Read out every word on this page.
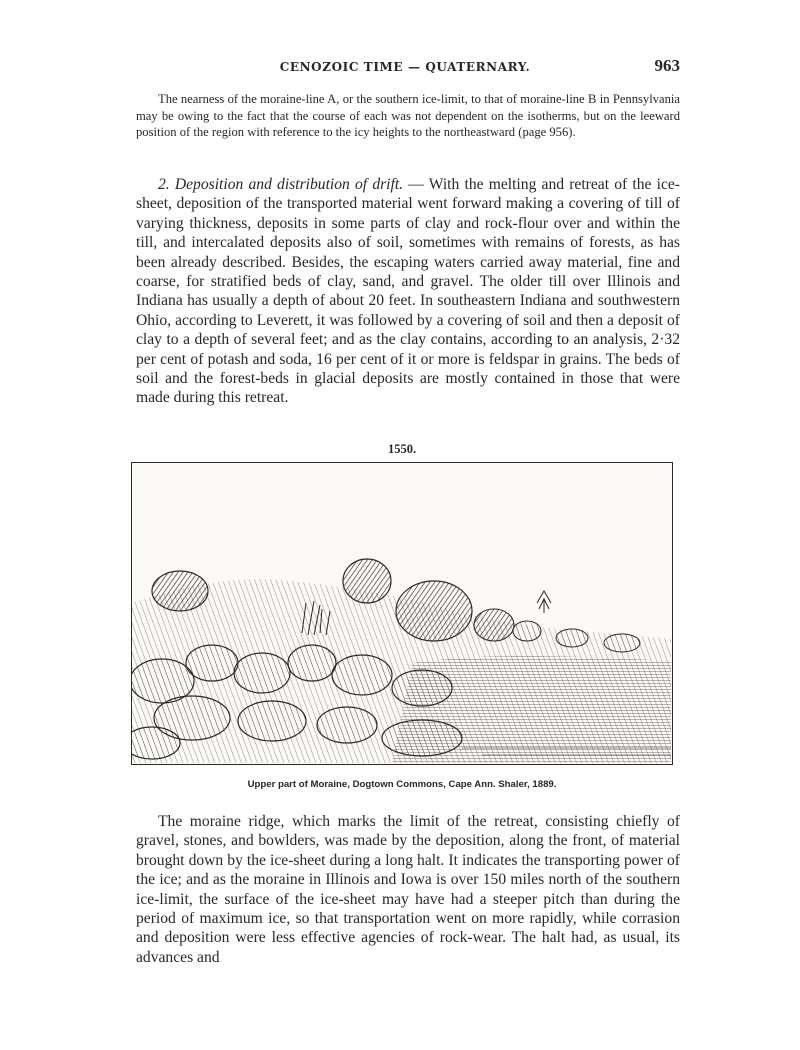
CENOZOIC TIME — QUATERNARY.	963

The nearness of the moraine-line A, or the southern ice-limit, to that of moraine-line B in Pennsylvania may be owing to the fact that the course of each was not dependent on the isotherms, but on the leeward position of the region with reference to the icy heights to the northeastward (page 956).

2. Deposition and distribution of drift. — With the melting and retreat of the ice-sheet, deposition of the transported material went forward making a covering of till of varying thickness, deposits in some parts of clay and rock-flour over and within the till, and intercalated deposits also of soil, sometimes with remains of forests, as has been already described. Besides, the escaping waters carried away material, fine and coarse, for stratified beds of clay, sand, and gravel. The older till over Illinois and Indiana has usually a depth of about 20 feet. In southeastern Indiana and southwestern Ohio, according to Leverett, it was followed by a covering of soil and then a deposit of clay to a depth of several feet; and as the clay contains, according to an analysis, 2·32 per cent of potash and soda, 16 per cent of it or more is feldspar in grains. The beds of soil and the forest-beds in glacial deposits are mostly contained in those that were made during this retreat.

1550.
Upper part of Moraine, Dogtown Commons, Cape Ann. Shaler, 1889.

The moraine ridge, which marks the limit of the retreat, consisting chiefly of gravel, stones, and bowlders, was made by the deposition, along the front, of material brought down by the ice-sheet during a long halt. It indicates the transporting power of the ice; and as the moraine in Illinois and Iowa is over 150 miles north of the southern ice-limit, the surface of the ice-sheet may have had a steeper pitch than during the period of maximum ice, so that transportation went on more rapidly, while corrasion and deposition were less effective agencies of rock-wear. The halt had, as usual, its advances and
